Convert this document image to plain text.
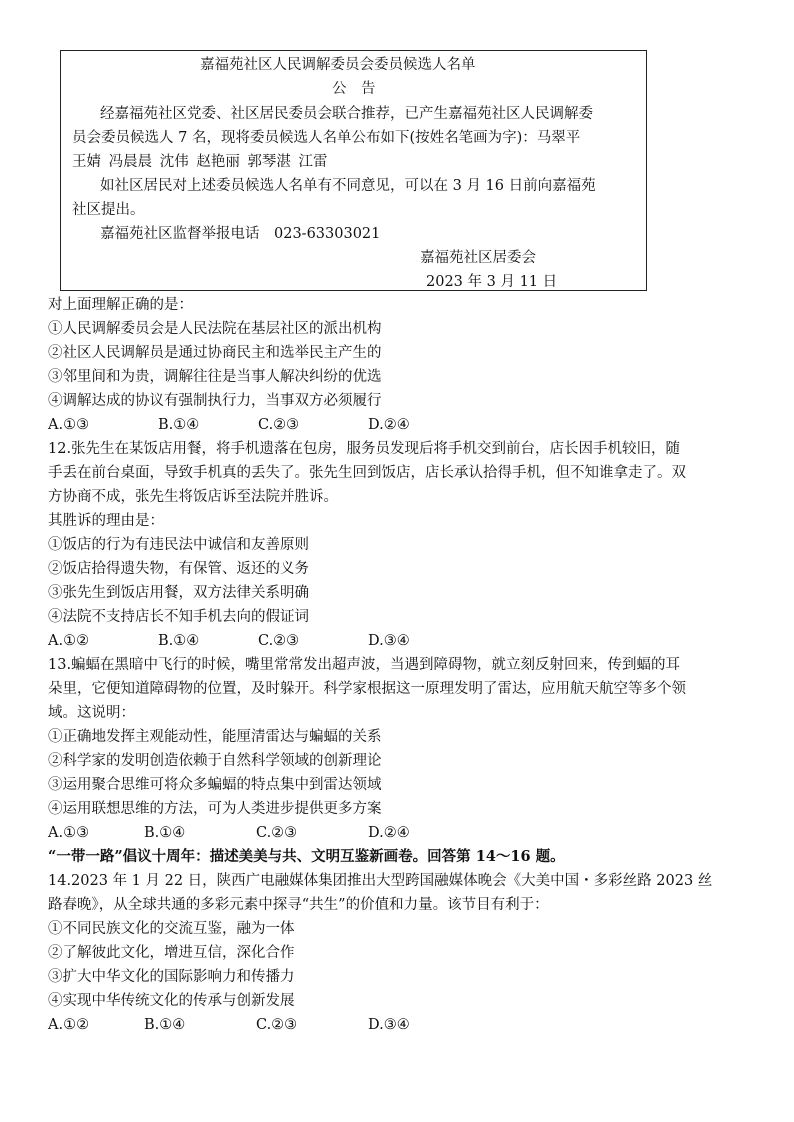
嘉福苑社区人民调解委员会委员候选人名单
公　告
经嘉福苑社区党委、社区居民委员会联合推荐，已产生嘉福苑社区人民调解委
员会委员候选人 7 名，现将委员候选人名单公布如下(按姓名笔画为字)：马翠平
王婧 冯晨晨 沈伟 赵艳丽 郭琴湛 江雷
如社区居民对上述委员候选人名单有不同意见，可以在 3 月 16 日前向嘉福苑
社区提出。
嘉福苑社区监督举报电话　023-63303021
嘉福苑社区居委会
2023 年 3 月 11 日
对上面理解正确的是：
①人民调解委员会是人民法院在基层社区的派出机构
②社区人民调解员是通过协商民主和选举民主产生的
③邻里间和为贵，调解往往是当事人解决纠纷的优选
④调解达成的协议有强制执行力，当事双方必须履行
A.①③	B.①④	C.②③	D.②④
12.张先生在某饭店用餐，将手机遗落在包房，服务员发现后将手机交到前台，店长因手机较旧，随
手丢在前台桌面，导致手机真的丢失了。张先生回到饭店，店长承认拾得手机，但不知谁拿走了。双
方协商不成，张先生将饭店诉至法院并胜诉。
其胜诉的理由是：
①饭店的行为有违民法中诚信和友善原则
②饭店拾得遗失物，有保管、返还的义务
③张先生到饭店用餐，双方法律关系明确
④法院不支持店长不知手机去向的假证词
A.①②	B.①④	C.②③	D.③④
13.蝙蝠在黑暗中飞行的时候，嘴里常常发出超声波，当遇到障碍物，就立刻反射回来，传到蝠的耳
朵里，它便知道障碍物的位置，及时躲开。科学家根据这一原理发明了雷达，应用航天航空等多个领
域。这说明：
①正确地发挥主观能动性，能厘清雷达与蝙蝠的关系
②科学家的发明创造依赖于自然科学领域的创新理论
③运用聚合思维可将众多蝙蝠的特点集中到雷达领域
④运用联想思维的方法，可为人类进步提供更多方案
A.①③	B.①④	C.②③	D.②④
“一带一路”倡议十周年：描述美美与共、文明互鉴新画卷。回答第 14～16 题。
14.2023 年 1 月 22 日，陕西广电融媒体集团推出大型跨国融媒体晚会《大美中国・多彩丝路 2023 丝
路春晚》，从全球共通的多彩元素中探寻“共生”的价值和力量。该节目有利于：
①不同民族文化的交流互鉴，融为一体
②了解彼此文化，增进互信，深化合作
③扩大中华文化的国际影响力和传播力
④实现中华传统文化的传承与创新发展
A.①②	B.①④	C.②③	D.③④
